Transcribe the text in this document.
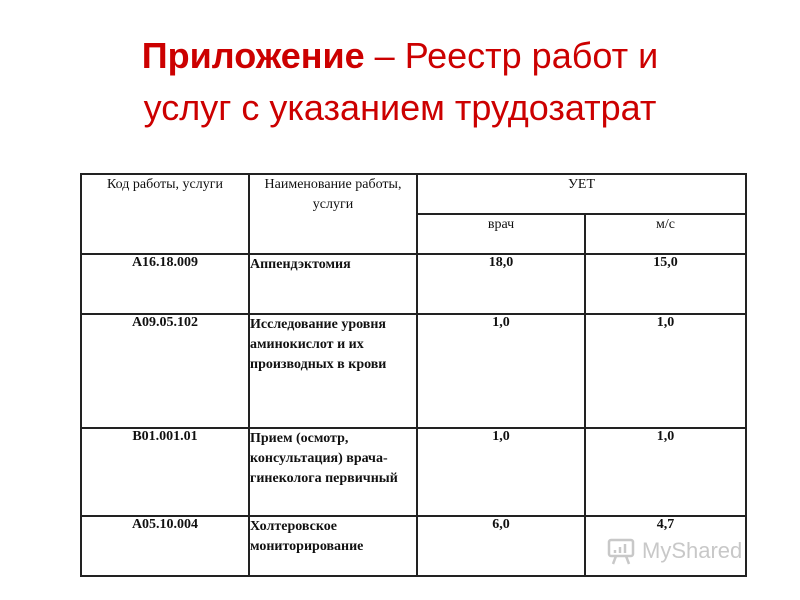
Приложение – Реестр работ и
услуг с указанием трудозатрат
Код работы, услуги	Наименование работы, услуги	УЕТ	
		врач	м/с
А16.18.009	Аппендэктомия	18,0	15,0
А09.05.102	Исследование уровня аминокислот и их производных в крови	1,0	1,0
В01.001.01	Прием (осмотр, консультация) врача-гинеколога первичный	1,0	1,0
А05.10.004	Холтеровское мониторирование	6,0	4,7
MyShared
